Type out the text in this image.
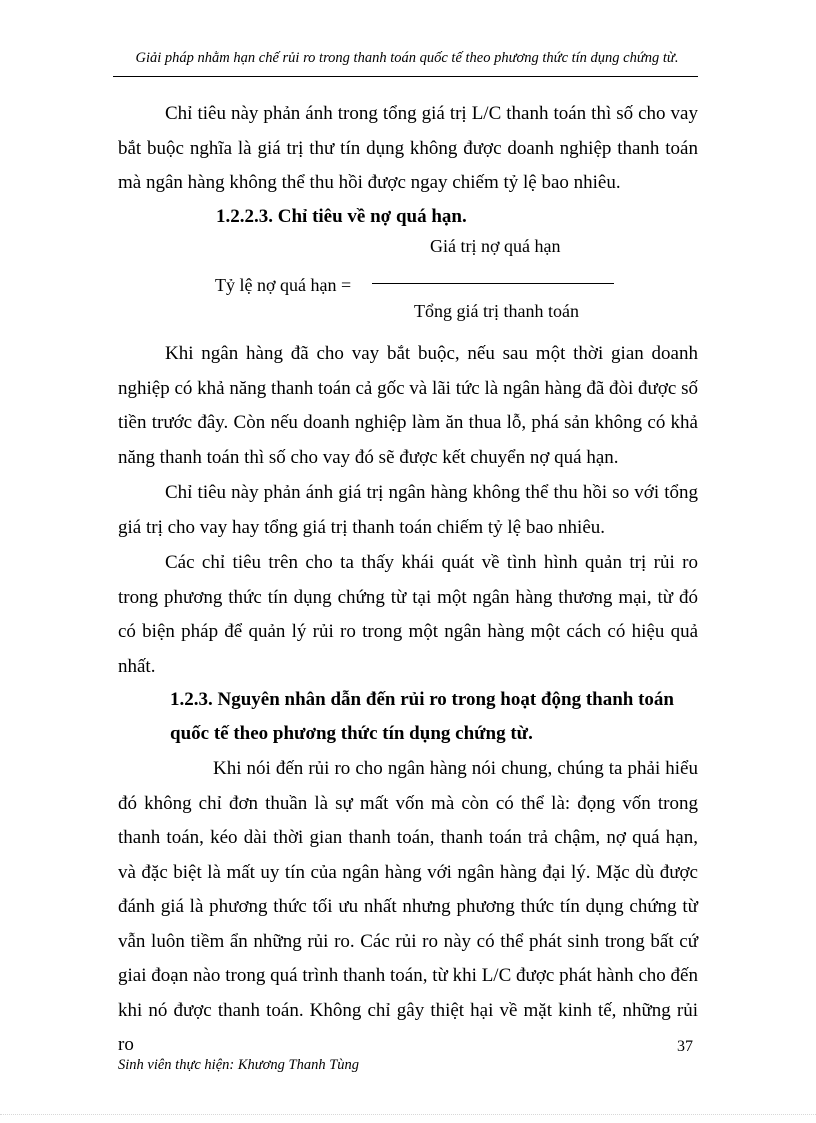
Giải pháp nhằm hạn chế rủi ro trong thanh toán quốc tế theo phương thức tín dụng chứng từ.

Chỉ tiêu này phản ánh trong tổng giá trị L/C thanh toán thì số cho vay bắt buộc nghĩa là giá trị thư tín dụng không được doanh nghiệp thanh toán mà ngân hàng không thể thu hồi được ngay chiếm tỷ lệ bao nhiêu.

1.2.2.3. Chỉ tiêu về nợ quá hạn.

Giá trị nợ quá hạn
Tỷ lệ nợ quá hạn =
Tổng giá trị thanh toán

Khi ngân hàng đã cho vay bắt buộc, nếu sau một thời gian doanh nghiệp có khả năng thanh toán cả gốc và lãi tức là ngân hàng đã đòi được số tiền trước đây. Còn nếu doanh nghiệp làm ăn thua lỗ, phá sản không có khả năng thanh toán thì số cho vay đó sẽ được kết chuyển nợ quá hạn.

Chỉ tiêu này phản ánh giá trị ngân hàng không thể thu hồi so với tổng giá trị cho vay hay tổng giá trị thanh toán chiếm tỷ lệ bao nhiêu.

Các chỉ tiêu trên cho ta thấy khái quát về tình hình quản trị rủi ro trong phương thức tín dụng chứng từ tại một ngân hàng thương mại, từ đó có biện pháp để quản lý rủi ro trong một ngân hàng một cách có hiệu quả nhất.

1.2.3. Nguyên nhân dẫn đến rủi ro trong hoạt động thanh toán

quốc tế theo phương thức tín dụng chứng từ.

Khi nói đến rủi ro cho ngân hàng nói chung, chúng ta phải hiểu đó không chỉ đơn thuần là sự mất vốn mà còn có thể là: đọng vốn trong thanh toán, kéo dài thời gian thanh toán, thanh toán trả chậm, nợ quá hạn, và đặc biệt là mất uy tín của ngân hàng với ngân hàng đại lý. Mặc dù được đánh giá là phương thức tối ưu nhất nhưng phương thức tín dụng chứng từ vẫn luôn tiềm ẩn những rủi ro. Các rủi ro này có thể phát sinh trong bất cứ giai đoạn nào trong quá trình thanh toán, từ khi L/C được phát hành cho đến khi nó được thanh toán. Không chỉ gây thiệt hại về mặt kinh tế, những rủi ro	37
Sinh viên thực hiện: Khương Thanh Tùng
